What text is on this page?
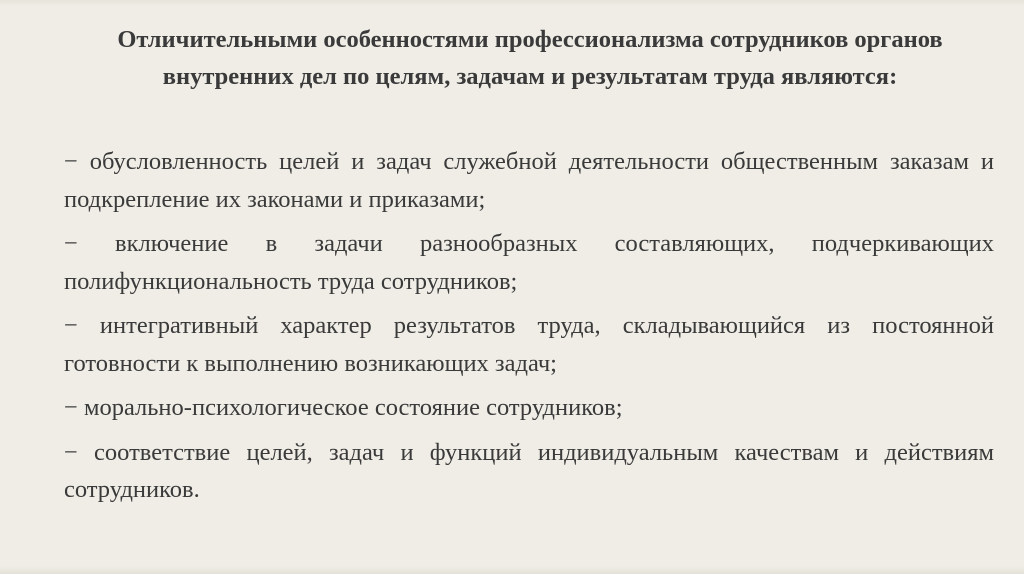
Отличительными особенностями профессионализма сотрудников органов внутренних дел по целям, задачам и результатам труда являются:
− обусловленность целей и задач служебной деятельности общественным заказам и подкрепление их законами и приказами;
− включение в задачи разнообразных составляющих, подчеркивающих полифункциональность труда сотрудников;
− интегративный характер результатов труда, складывающийся из постоянной готовности к выполнению возникающих задач;
− морально-психологическое состояние сотрудников;
− соответствие целей, задач и функций индивидуальным качествам и действиям сотрудников.
